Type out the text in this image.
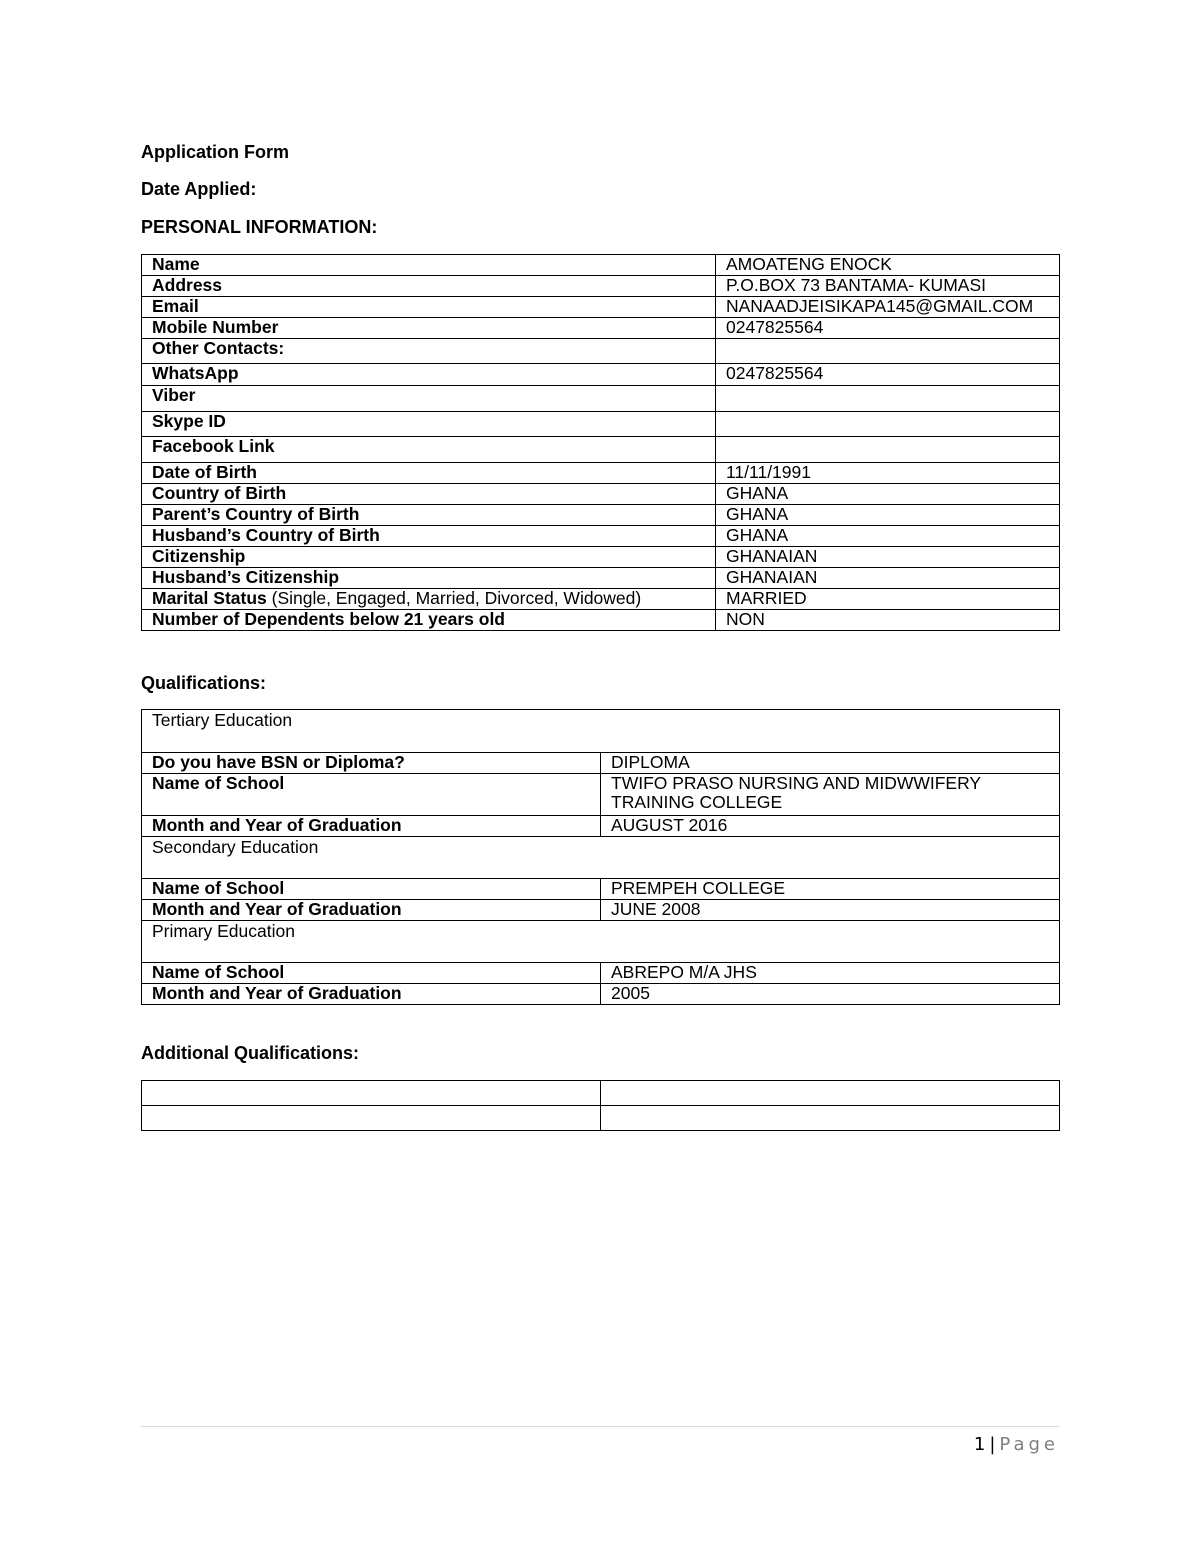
Application Form
Date Applied:
PERSONAL INFORMATION:
Name	AMOATENG ENOCK
Address	P.O.BOX 73 BANTAMA- KUMASI
Email	NANAADJEISIKAPA145@GMAIL.COM
Mobile Number	0247825564
Other Contacts:	
WhatsApp	0247825564
Viber	
Skype ID	
Facebook Link	
Date of Birth	11/11/1991
Country of Birth	GHANA
Parent’s Country of Birth	GHANA
Husband’s Country of Birth	GHANA
Citizenship	GHANAIAN
Husband’s Citizenship	GHANAIAN
Marital Status (Single, Engaged, Married, Divorced, Widowed)	MARRIED
Number of Dependents below 21 years old	NON
Qualifications:
Tertiary Education	
Do you have BSN or Diploma?	DIPLOMA
Name of School	TWIFO PRASO NURSING AND MIDWWIFERY TRAINING COLLEGE
Month and Year of Graduation	AUGUST 2016
Secondary Education	
Name of School	PREMPEH COLLEGE
Month and Year of Graduation	JUNE 2008
Primary Education	
Name of School	ABREPO M/A JHS
Month and Year of Graduation	2005
Additional Qualifications:

1 | Page
